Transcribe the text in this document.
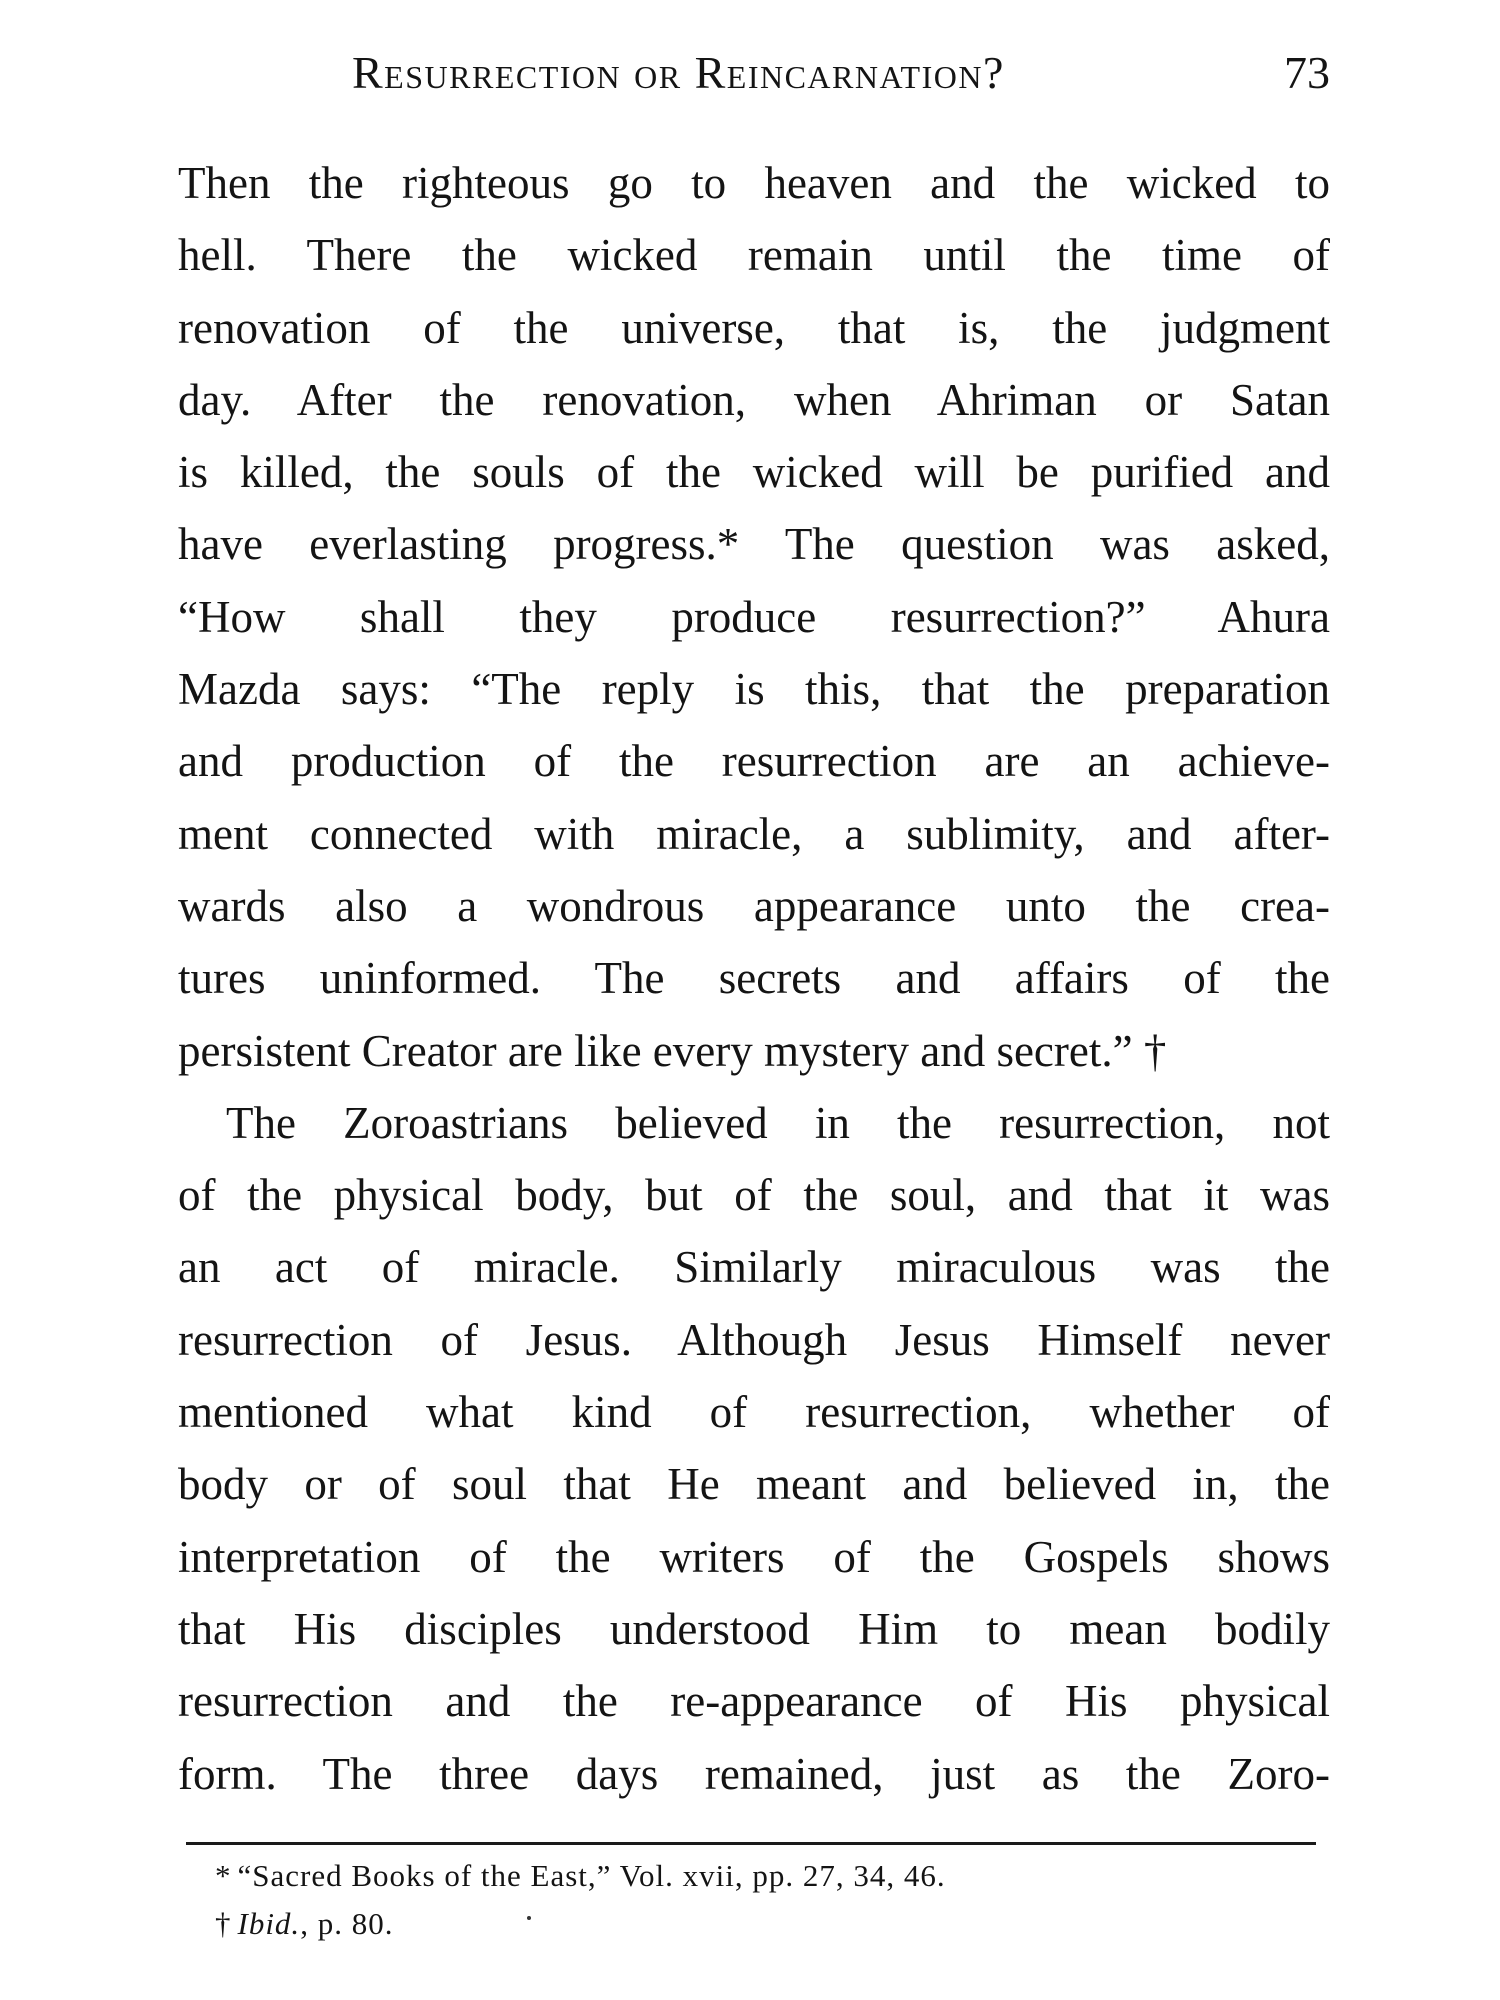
Resurrection or Reincarnation?	73
Then the righteous go to heaven and the wicked to
hell. There the wicked remain until the time of
renovation of the universe, that is, the judgment
day. After the renovation, when Ahriman or Satan
is killed, the souls of the wicked will be purified and
have everlasting progress.* The question was asked,
“How shall they produce resurrection?” Ahura
Mazda says: “The reply is this, that the preparation
and production of the resurrection are an achieve-
ment connected with miracle, a sublimity, and after-
wards also a wondrous appearance unto the crea-
tures uninformed. The secrets and affairs of the
persistent Creator are like every mystery and secret.” †
The Zoroastrians believed in the resurrection, not
of the physical body, but of the soul, and that it was
an act of miracle. Similarly miraculous was the
resurrection of Jesus. Although Jesus Himself never
mentioned what kind of resurrection, whether of
body or of soul that He meant and believed in, the
interpretation of the writers of the Gospels shows
that His disciples understood Him to mean bodily
resurrection and the re-appearance of His physical
form. The three days remained, just as the Zoro-
* “Sacred Books of the East,” Vol. xvii, pp. 27, 34, 46.
† Ibid., p. 80.
